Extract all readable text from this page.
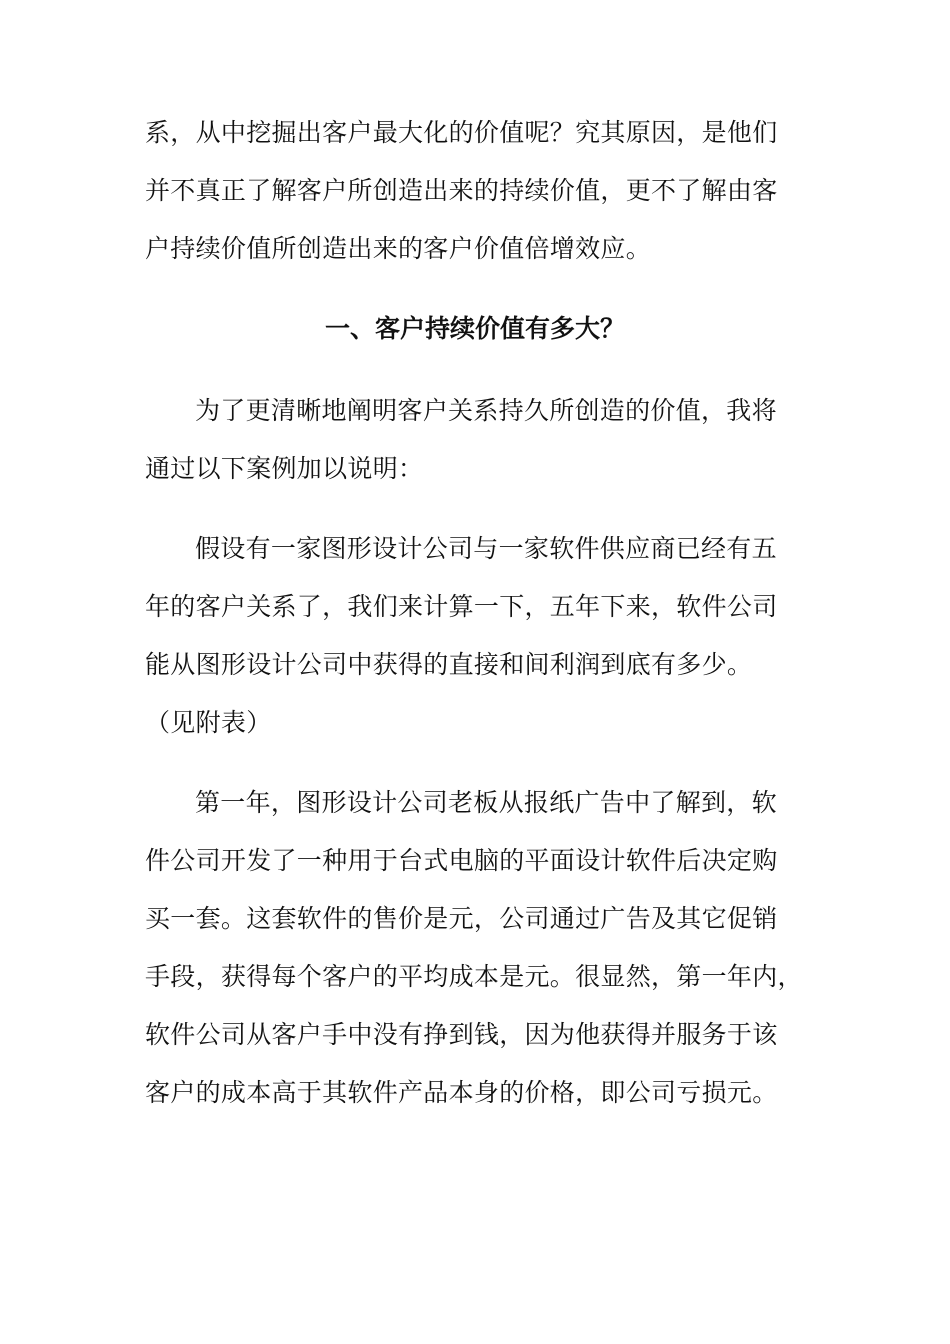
系，从中挖掘出客户最大化的价值呢？究其原因，是他们
并不真正了解客户所创造出来的持续价值，更不了解由客
户持续价值所创造出来的客户价值倍增效应。
一、客户持续价值有多大？
为了更清晰地阐明客户关系持久所创造的价值，我将
通过以下案例加以说明：
假设有一家图形设计公司与一家软件供应商已经有五
年的客户关系了，我们来计算一下，五年下来，软件公司
能从图形设计公司中获得的直接和间利润到底有多少。
（见附表）
第一年，图形设计公司老板从报纸广告中了解到，软
件公司开发了一种用于台式电脑的平面设计软件后决定购
买一套。这套软件的售价是元，公司通过广告及其它促销
手段，获得每个客户的平均成本是元。很显然，第一年内，
软件公司从客户手中没有挣到钱，因为他获得并服务于该
客户的成本高于其软件产品本身的价格，即公司亏损元。
